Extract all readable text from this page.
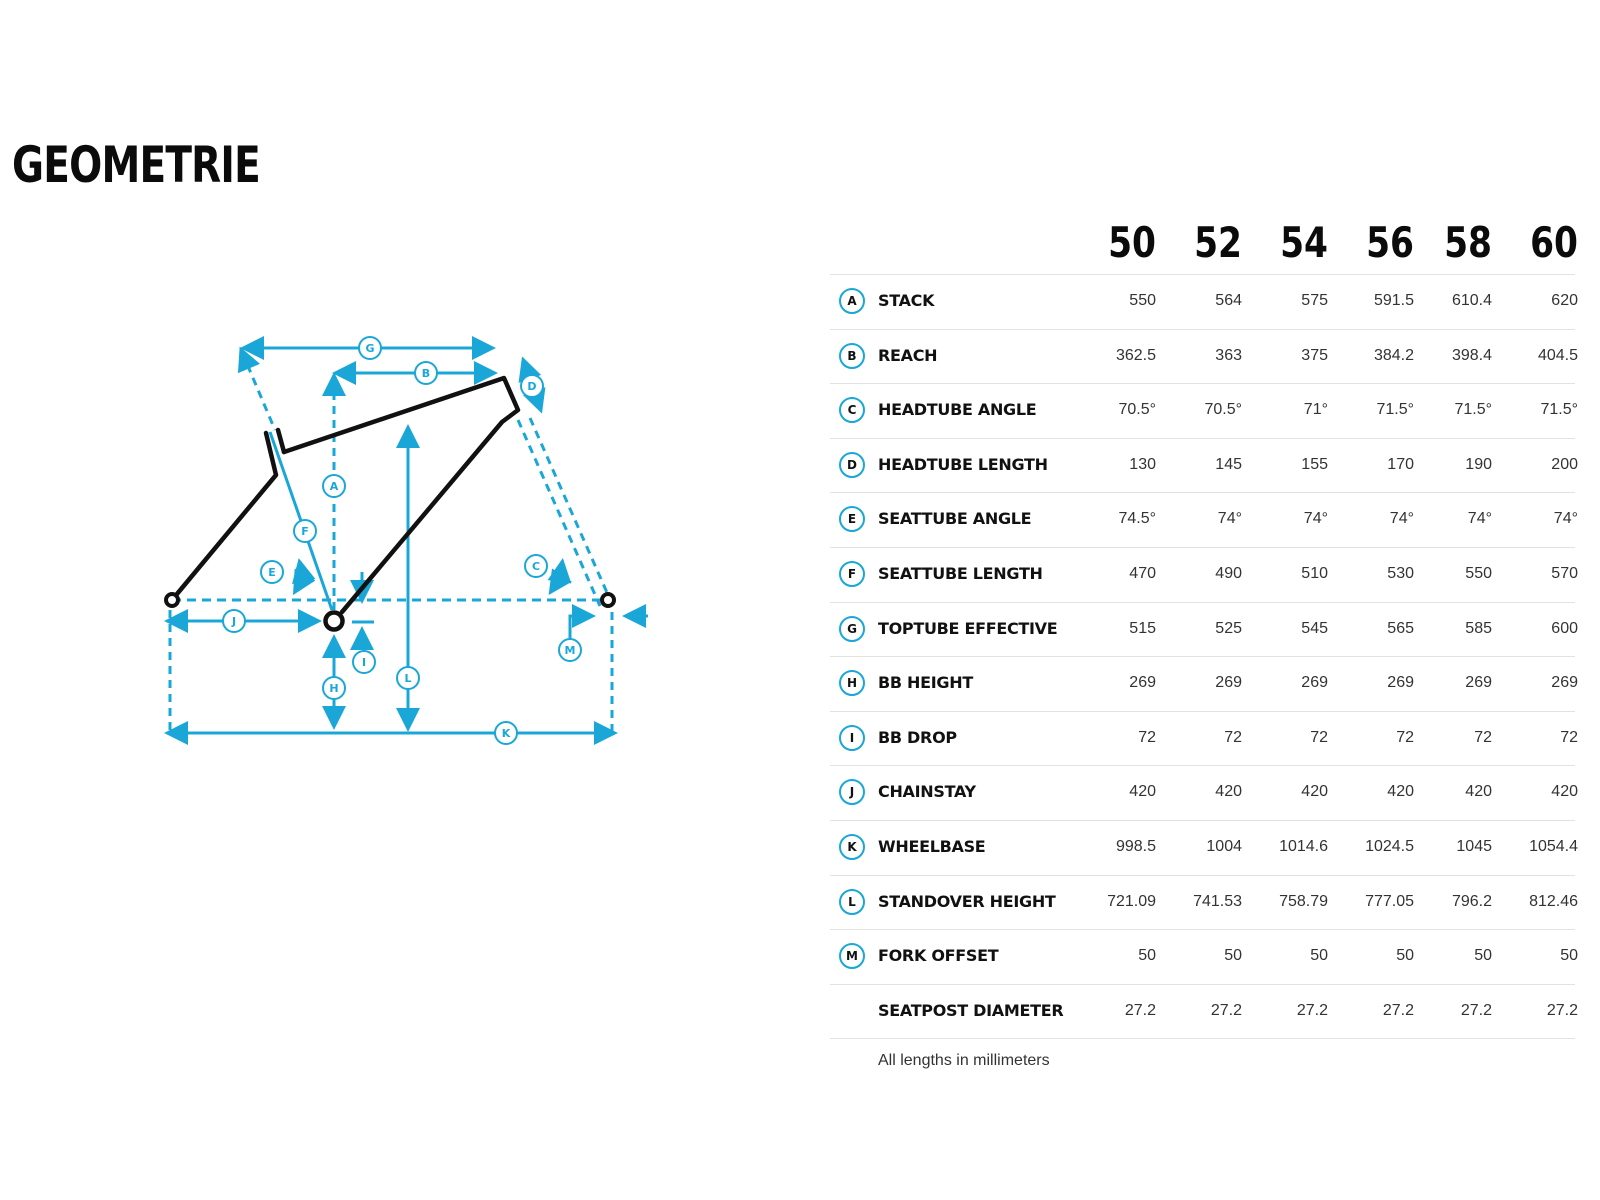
GEOMETRIE
G
B
D
A
F
E	C
J
I
M
H
L
K
50 52 54 56 58 60
A	STACK	550	564	575	591.5	610.4	620
B	REACH	362.5	363	375	384.2	398.4	404.5
C	HEADTUBE ANGLE	70.5°	70.5°	71°	71.5°	71.5°	71.5°
D	HEADTUBE LENGTH	130	145	155	170	190	200
E	SEATTUBE ANGLE	74.5°	74°	74°	74°	74°	74°
F	SEATTUBE LENGTH	470	490	510	530	550	570
G	TOPTUBE EFFECTIVE	515	525	545	565	585	600
H	BB HEIGHT	269	269	269	269	269	269
I	BB DROP	72	72	72	72	72	72
J	CHAINSTAY	420	420	420	420	420	420
K	WHEELBASE	998.5	1004	1014.6	1024.5	1045	1054.4
L	STANDOVER HEIGHT	721.09	741.53	758.79	777.05	796.2	812.46
M	FORK OFFSET	50	50	50	50	50	50
SEATPOST DIAMETER	27.2	27.2	27.2	27.2	27.2	27.2
All lengths in millimeters
